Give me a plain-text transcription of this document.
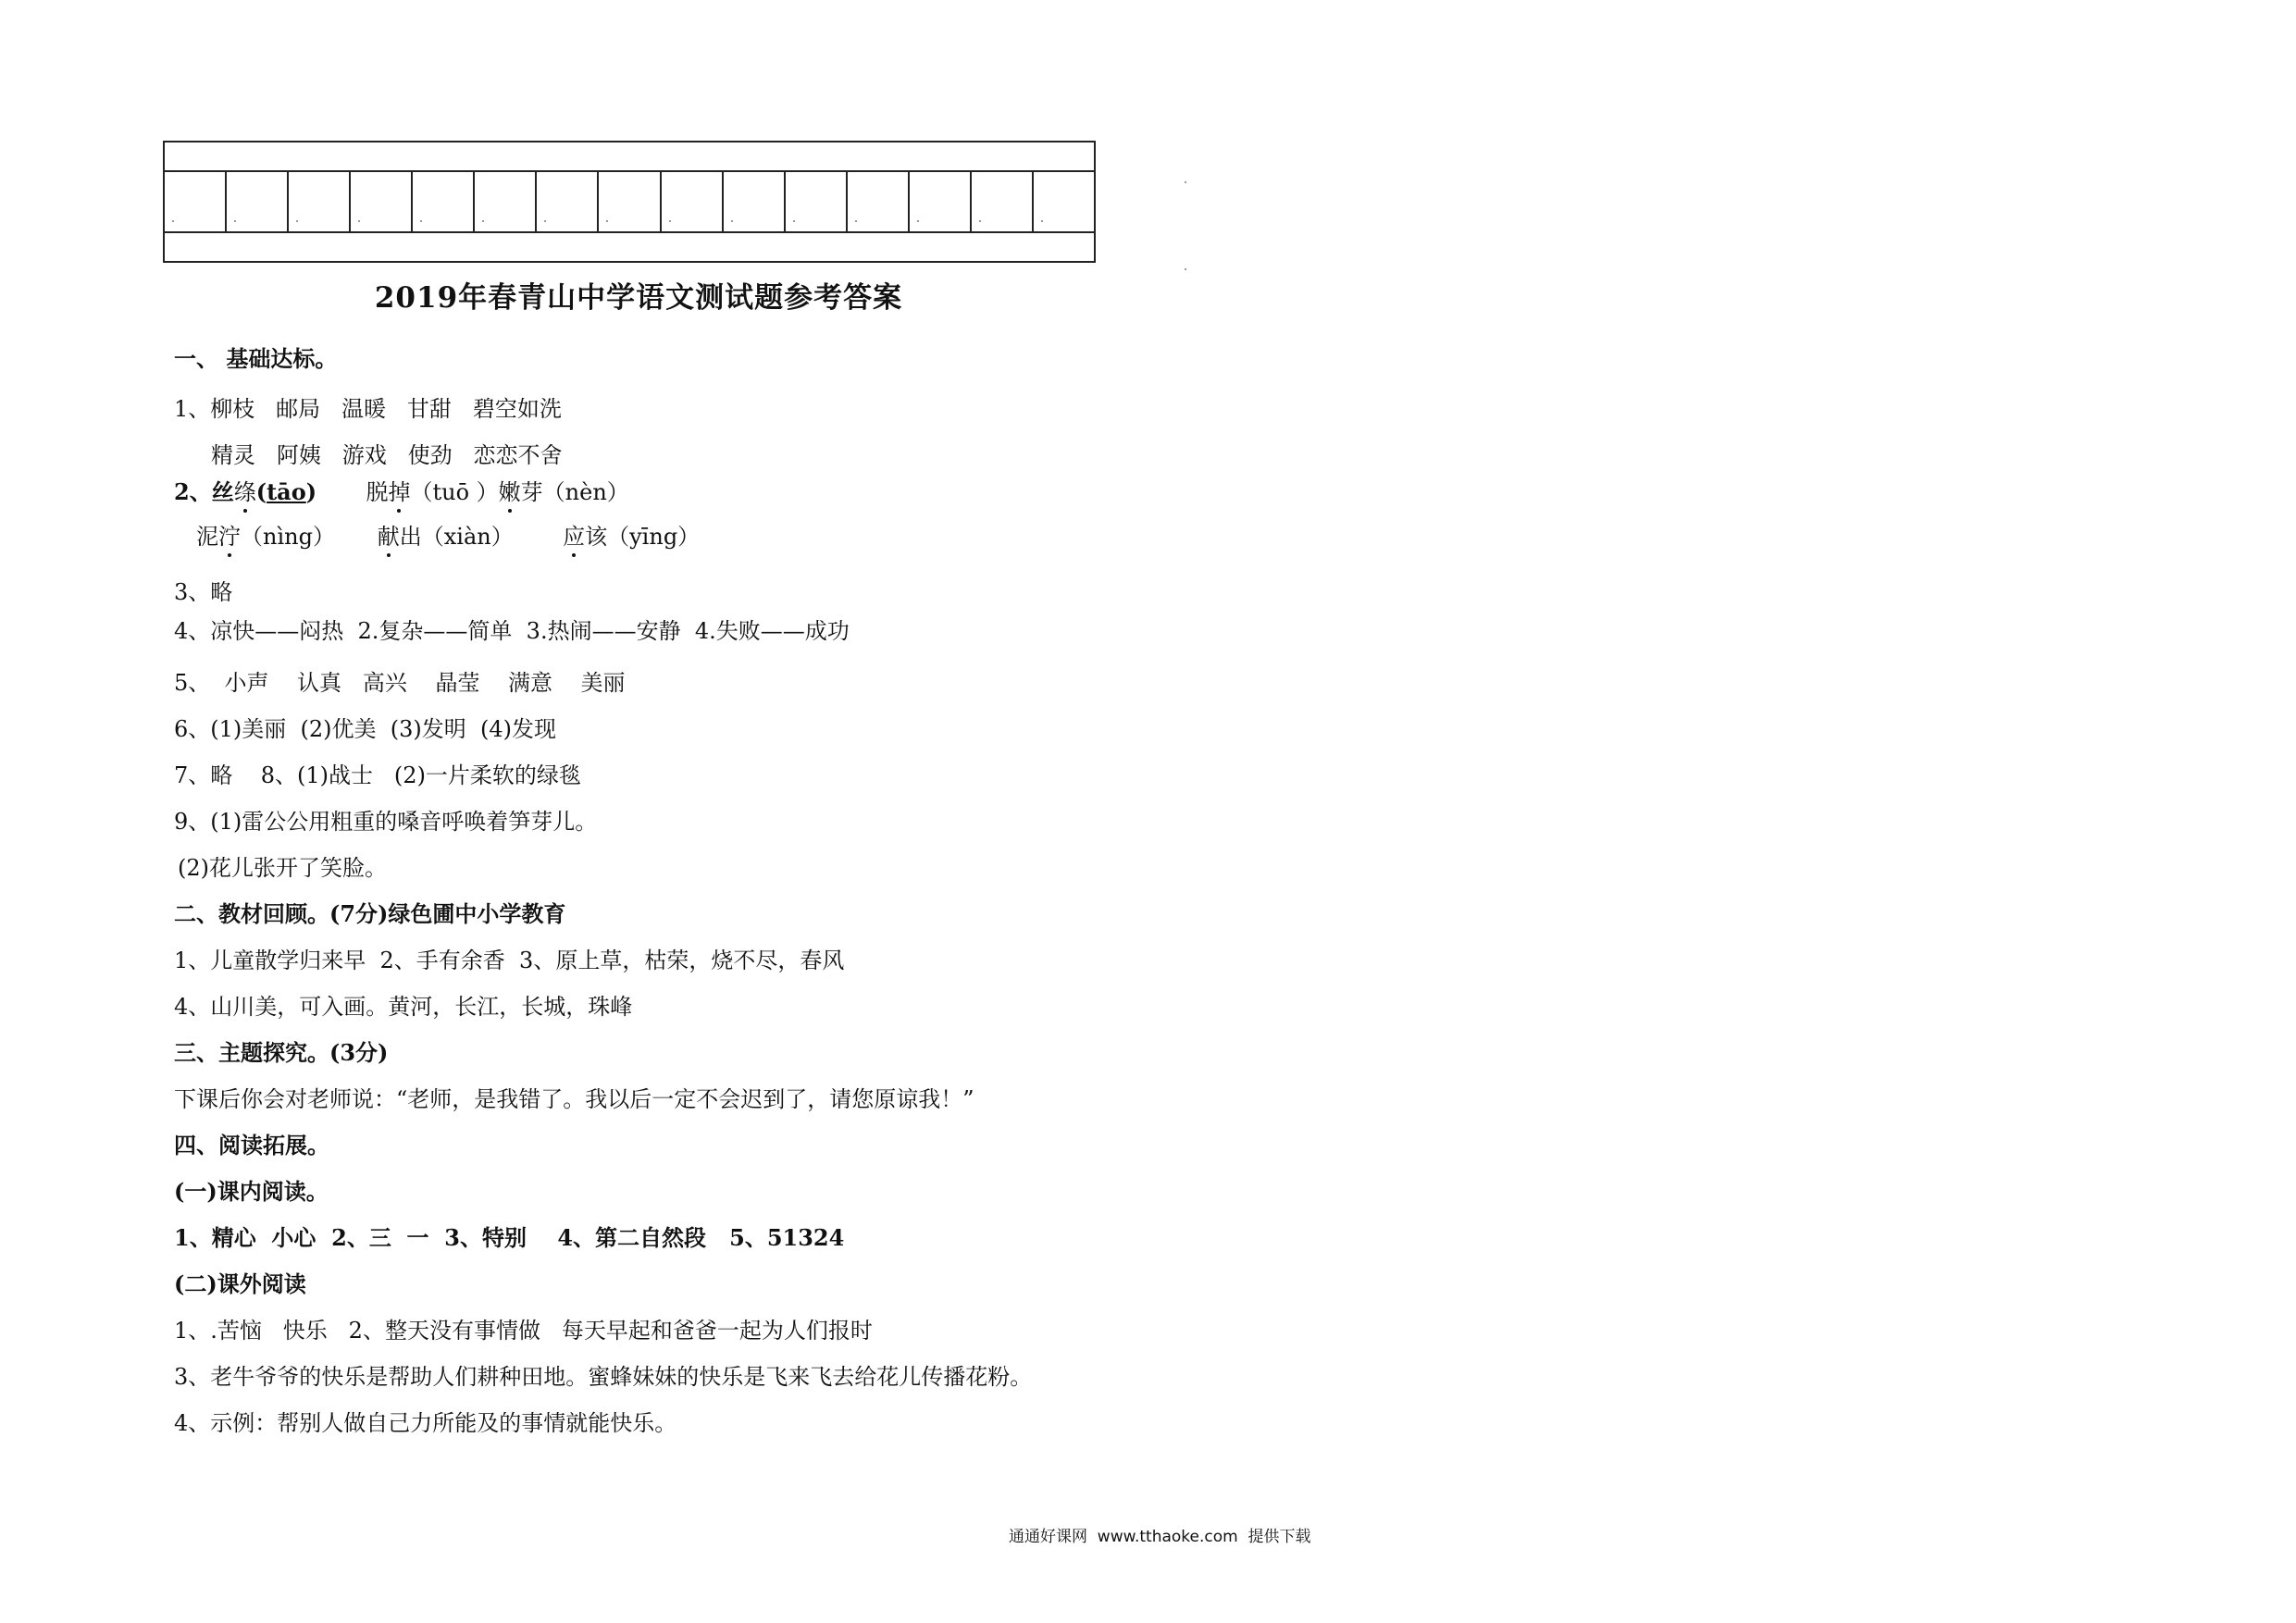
2019年春青山中学语文测试题参考答案
一、 基础达标。
1、柳枝   邮局   温暖   甘甜   碧空如洗
精灵   阿姨   游戏   使劲   恋恋不舍
2、丝绦(tāo) 脱掉（tuō ）嫩芽（nèn）
泥泞（nìng） 献出（xiàn） 应该（yīng）
3、略
4、凉快——闷热  2.复杂——简单  3.热闹——安静  4.失败——成功
5、  小声    认真   高兴    晶莹    满意    美丽
6、(1)美丽  (2)优美  (3)发明  (4)发现
7、略    8、(1)战士   (2)一片柔软的绿毯
9、(1)雷公公用粗重的嗓音呼唤着笋芽儿。
(2)花儿张开了笑脸。
二、教材回顾。(7分)绿色圃中小学教育
1、儿童散学归来早  2、手有余香  3、原上草，枯荣，烧不尽，春风
4、山川美，可入画。黄河，长江，长城，珠峰
三、主题探究。(3分)
下课后你会对老师说：“老师，是我错了。我以后一定不会迟到了，请您原谅我！”
四、阅读拓展。
(一)课内阅读。
1、精心  小心  2、三  一  3、特别    4、第二自然段   5、51324
(二)课外阅读
1、.苦恼   快乐   2、整天没有事情做   每天早起和爸爸一起为人们报时
3、老牛爷爷的快乐是帮助人们耕种田地。蜜蜂妹妹的快乐是飞来飞去给花儿传播花粉。
4、示例：帮别人做自己力所能及的事情就能快乐。
通通好课网  www.tthaoke.com  提供下载
